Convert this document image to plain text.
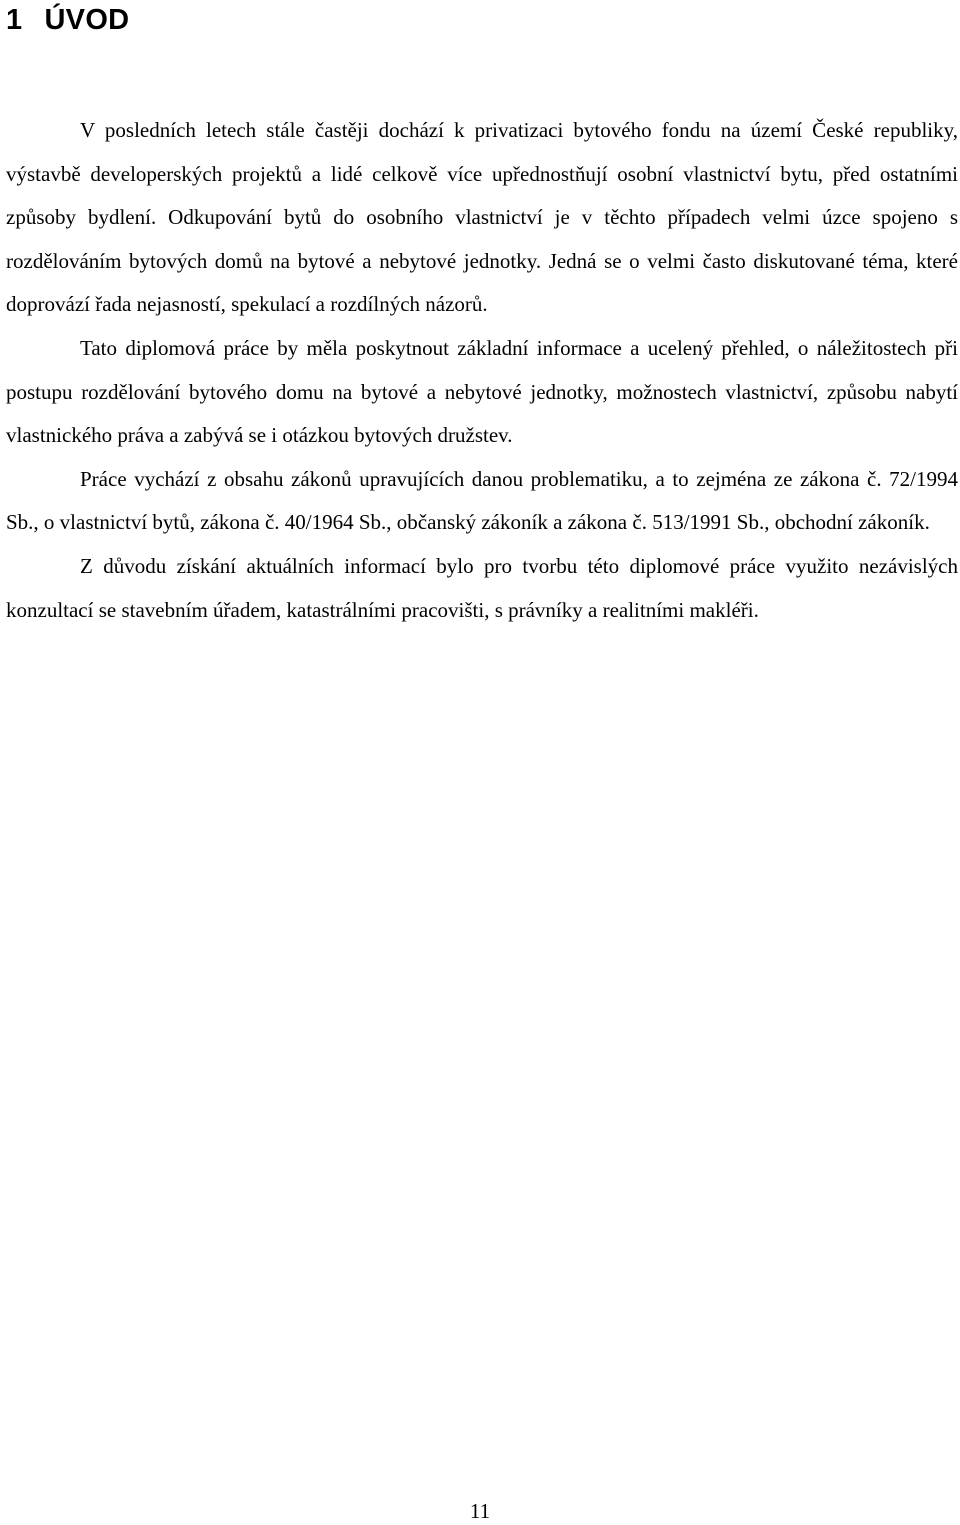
1 ÚVOD

V posledních letech stále častěji dochází k privatizaci bytového fondu na území České republiky, výstavbě developerských projektů a lidé celkově více upřednostňují osobní vlastnictví bytu, před ostatními způsoby bydlení. Odkupování bytů do osobního vlastnictví je v těchto případech velmi úzce spojeno s rozdělováním bytových domů na bytové a nebytové jednotky. Jedná se o velmi často diskutované téma, které doprovází řada nejasností, spekulací a rozdílných názorů.

Tato diplomová práce by měla poskytnout základní informace a ucelený přehled, o náležitostech při postupu rozdělování bytového domu na bytové a nebytové jednotky, možnostech vlastnictví, způsobu nabytí vlastnického práva a zabývá se i otázkou bytových družstev.

Práce vychází z obsahu zákonů upravujících danou problematiku, a to zejména ze zákona č. 72/1994 Sb., o vlastnictví bytů, zákona č. 40/1964 Sb., občanský zákoník a zákona č. 513/1991 Sb., obchodní zákoník.

Z důvodu získání aktuálních informací bylo pro tvorbu této diplomové práce využito nezávislých konzultací se stavebním úřadem, katastrálními pracovišti, s právníky a realitními makléři.

11
